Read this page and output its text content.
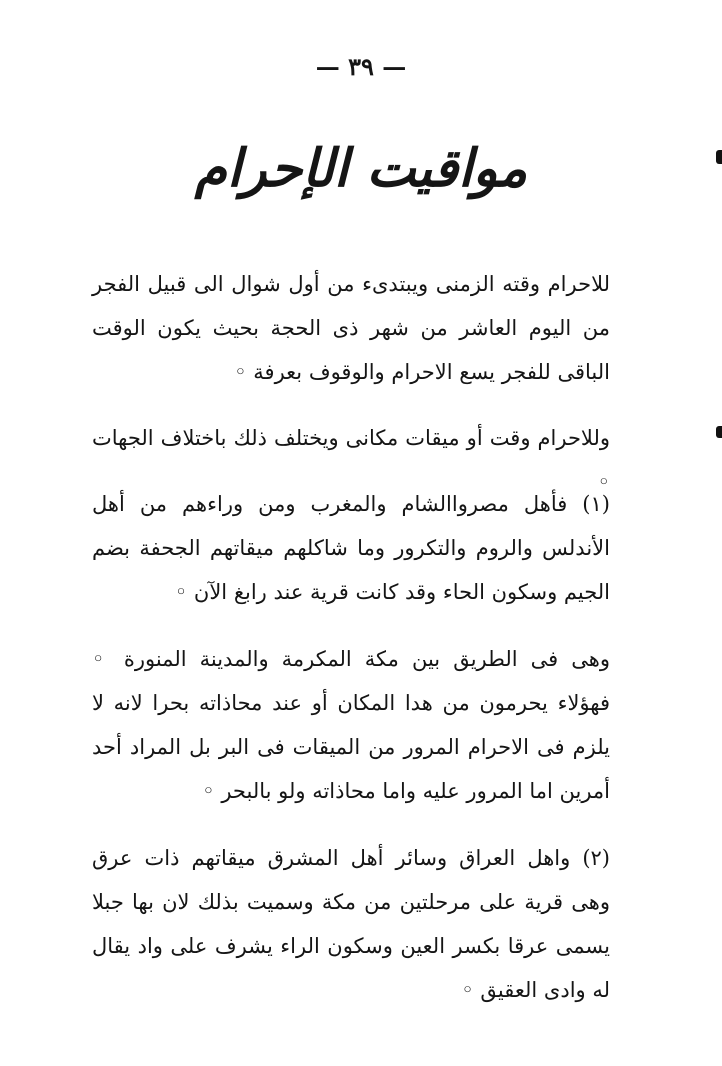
— ٣٩ —
مواقيت الإحرام

للاحرام وقته الزمنى ويبتدىء من أول شوال الى قبيل الفجر من اليوم العاشر من شهر ذى الحجة بحيث يكون الوقت الباقى للفجر يسع الاحرام والوقوف بعرفة ◦

وللاحرام وقت أو ميقات مكانى ويختلف ذلك باختلاف الجهات ◦

(١) فأهل مصرواالشام والمغرب ومن وراءهم من أهل الأندلس والروم والتكرور وما شاكلهم ميقاتهم الجحفة بضم الجيم وسكون الحاء وقد كانت قرية عند رابغ الآن ◦

وهى فى الطريق بين مكة المكرمة والمدينة المنورة ◦ فهؤلاء يحرمون من هدا المكان أو عند محاذاته بحرا لانه لا يلزم فى الاحرام المرور من الميقات فى البر بل المراد أحد أمرين اما المرور عليه واما محاذاته ولو بالبحر ◦

(٢) واهل العراق وسائر أهل المشرق ميقاتهم ذات عرق وهى قرية على مرحلتين من مكة وسميت بذلك لان بها جبلا يسمى عرقا بكسر العين وسكون الراء يشرف على واد يقال له وادى العقيق ◦
